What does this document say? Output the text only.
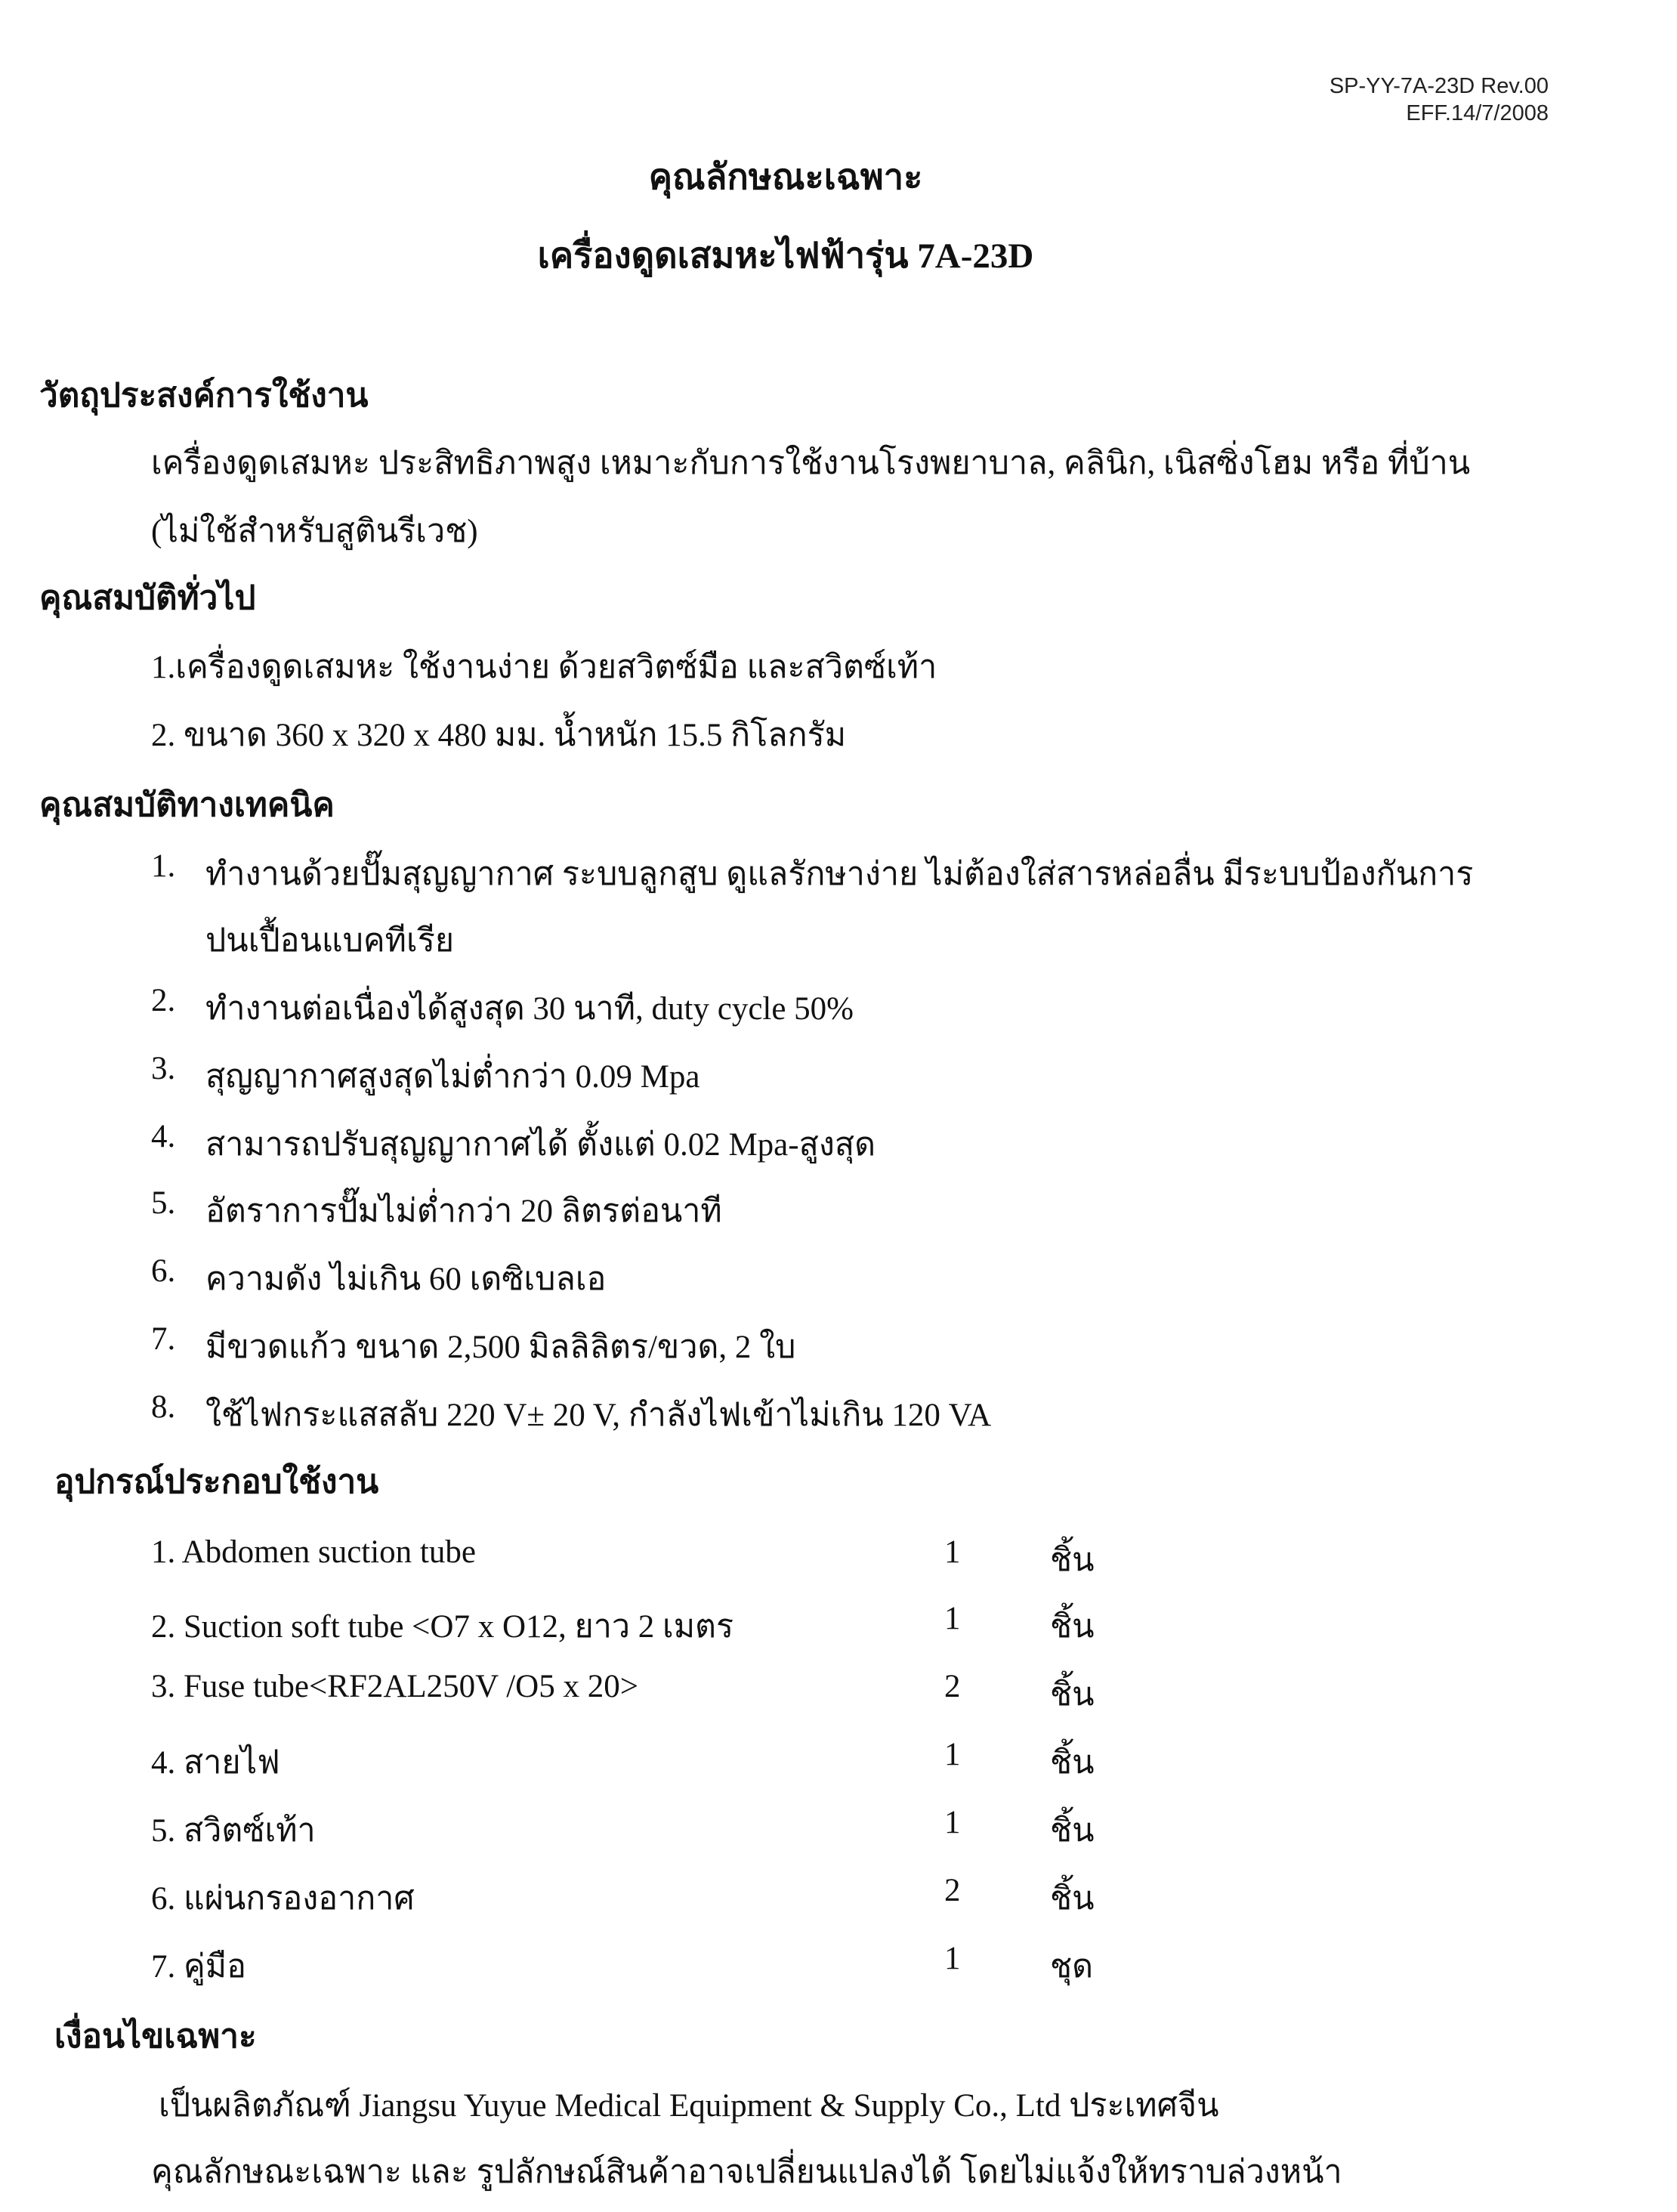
SP-YY-7A-23D Rev.00
EFF.14/7/2008
คุณลักษณะเฉพาะ
เครื่องดูดเสมหะไฟฟ้ารุ่น 7A-23D
วัตถุประสงค์การใช้งาน
เครื่องดูดเสมหะ ประสิทธิภาพสูง เหมาะกับการใช้งานโรงพยาบาล, คลินิก, เนิสซิ่งโฮม หรือ ที่บ้าน
(ไม่ใช้สำหรับสูตินรีเวช)
คุณสมบัติทั่วไป
1.เครื่องดูดเสมหะ ใช้งานง่าย ด้วยสวิตซ์มือ และสวิตซ์เท้า
2. ขนาด 360 x 320 x 480 มม. น้ำหนัก 15.5 กิโลกรัม
คุณสมบัติทางเทคนิค
1. ทำงานด้วยปั๊มสุญญากาศ ระบบลูกสูบ ดูแลรักษาง่าย ไม่ต้องใส่สารหล่อลื่น มีระบบป้องกันการ
ปนเปื้อนแบคทีเรีย
2. ทำงานต่อเนื่องได้สูงสุด 30 นาที, duty cycle 50%
3. สุญญากาศสูงสุดไม่ต่ำกว่า 0.09 Mpa
4. สามารถปรับสุญญากาศได้ ตั้งแต่ 0.02 Mpa-สูงสุด
5. อัตราการปั๊มไม่ต่ำกว่า 20 ลิตรต่อนาที
6. ความดัง ไม่เกิน 60 เดซิเบลเอ
7. มีขวดแก้ว ขนาด 2,500 มิลลิลิตร/ขวด, 2 ใบ
8. ใช้ไฟกระแสสลับ 220 V± 20 V, กำลังไฟเข้าไม่เกิน 120 VA
อุปกรณ์ประกอบใช้งาน
1. Abdomen suction tube	1	ชิ้น
2. Suction soft tube <O7 x O12, ยาว 2 เมตร	1	ชิ้น
3. Fuse tube<RF2AL250V /O5 x 20>	2	ชิ้น
4. สายไฟ	1	ชิ้น
5. สวิตซ์เท้า	1	ชิ้น
6. แผ่นกรองอากาศ	2	ชิ้น
7. คู่มือ	1	ชุด
เงื่อนไขเฉพาะ
เป็นผลิตภัณฑ์ Jiangsu Yuyue Medical Equipment & Supply Co., Ltd ประเทศจีน
คุณลักษณะเฉพาะ และ รูปลักษณ์สินค้าอาจเปลี่ยนแปลงได้ โดยไม่แจ้งให้ทราบล่วงหน้า
